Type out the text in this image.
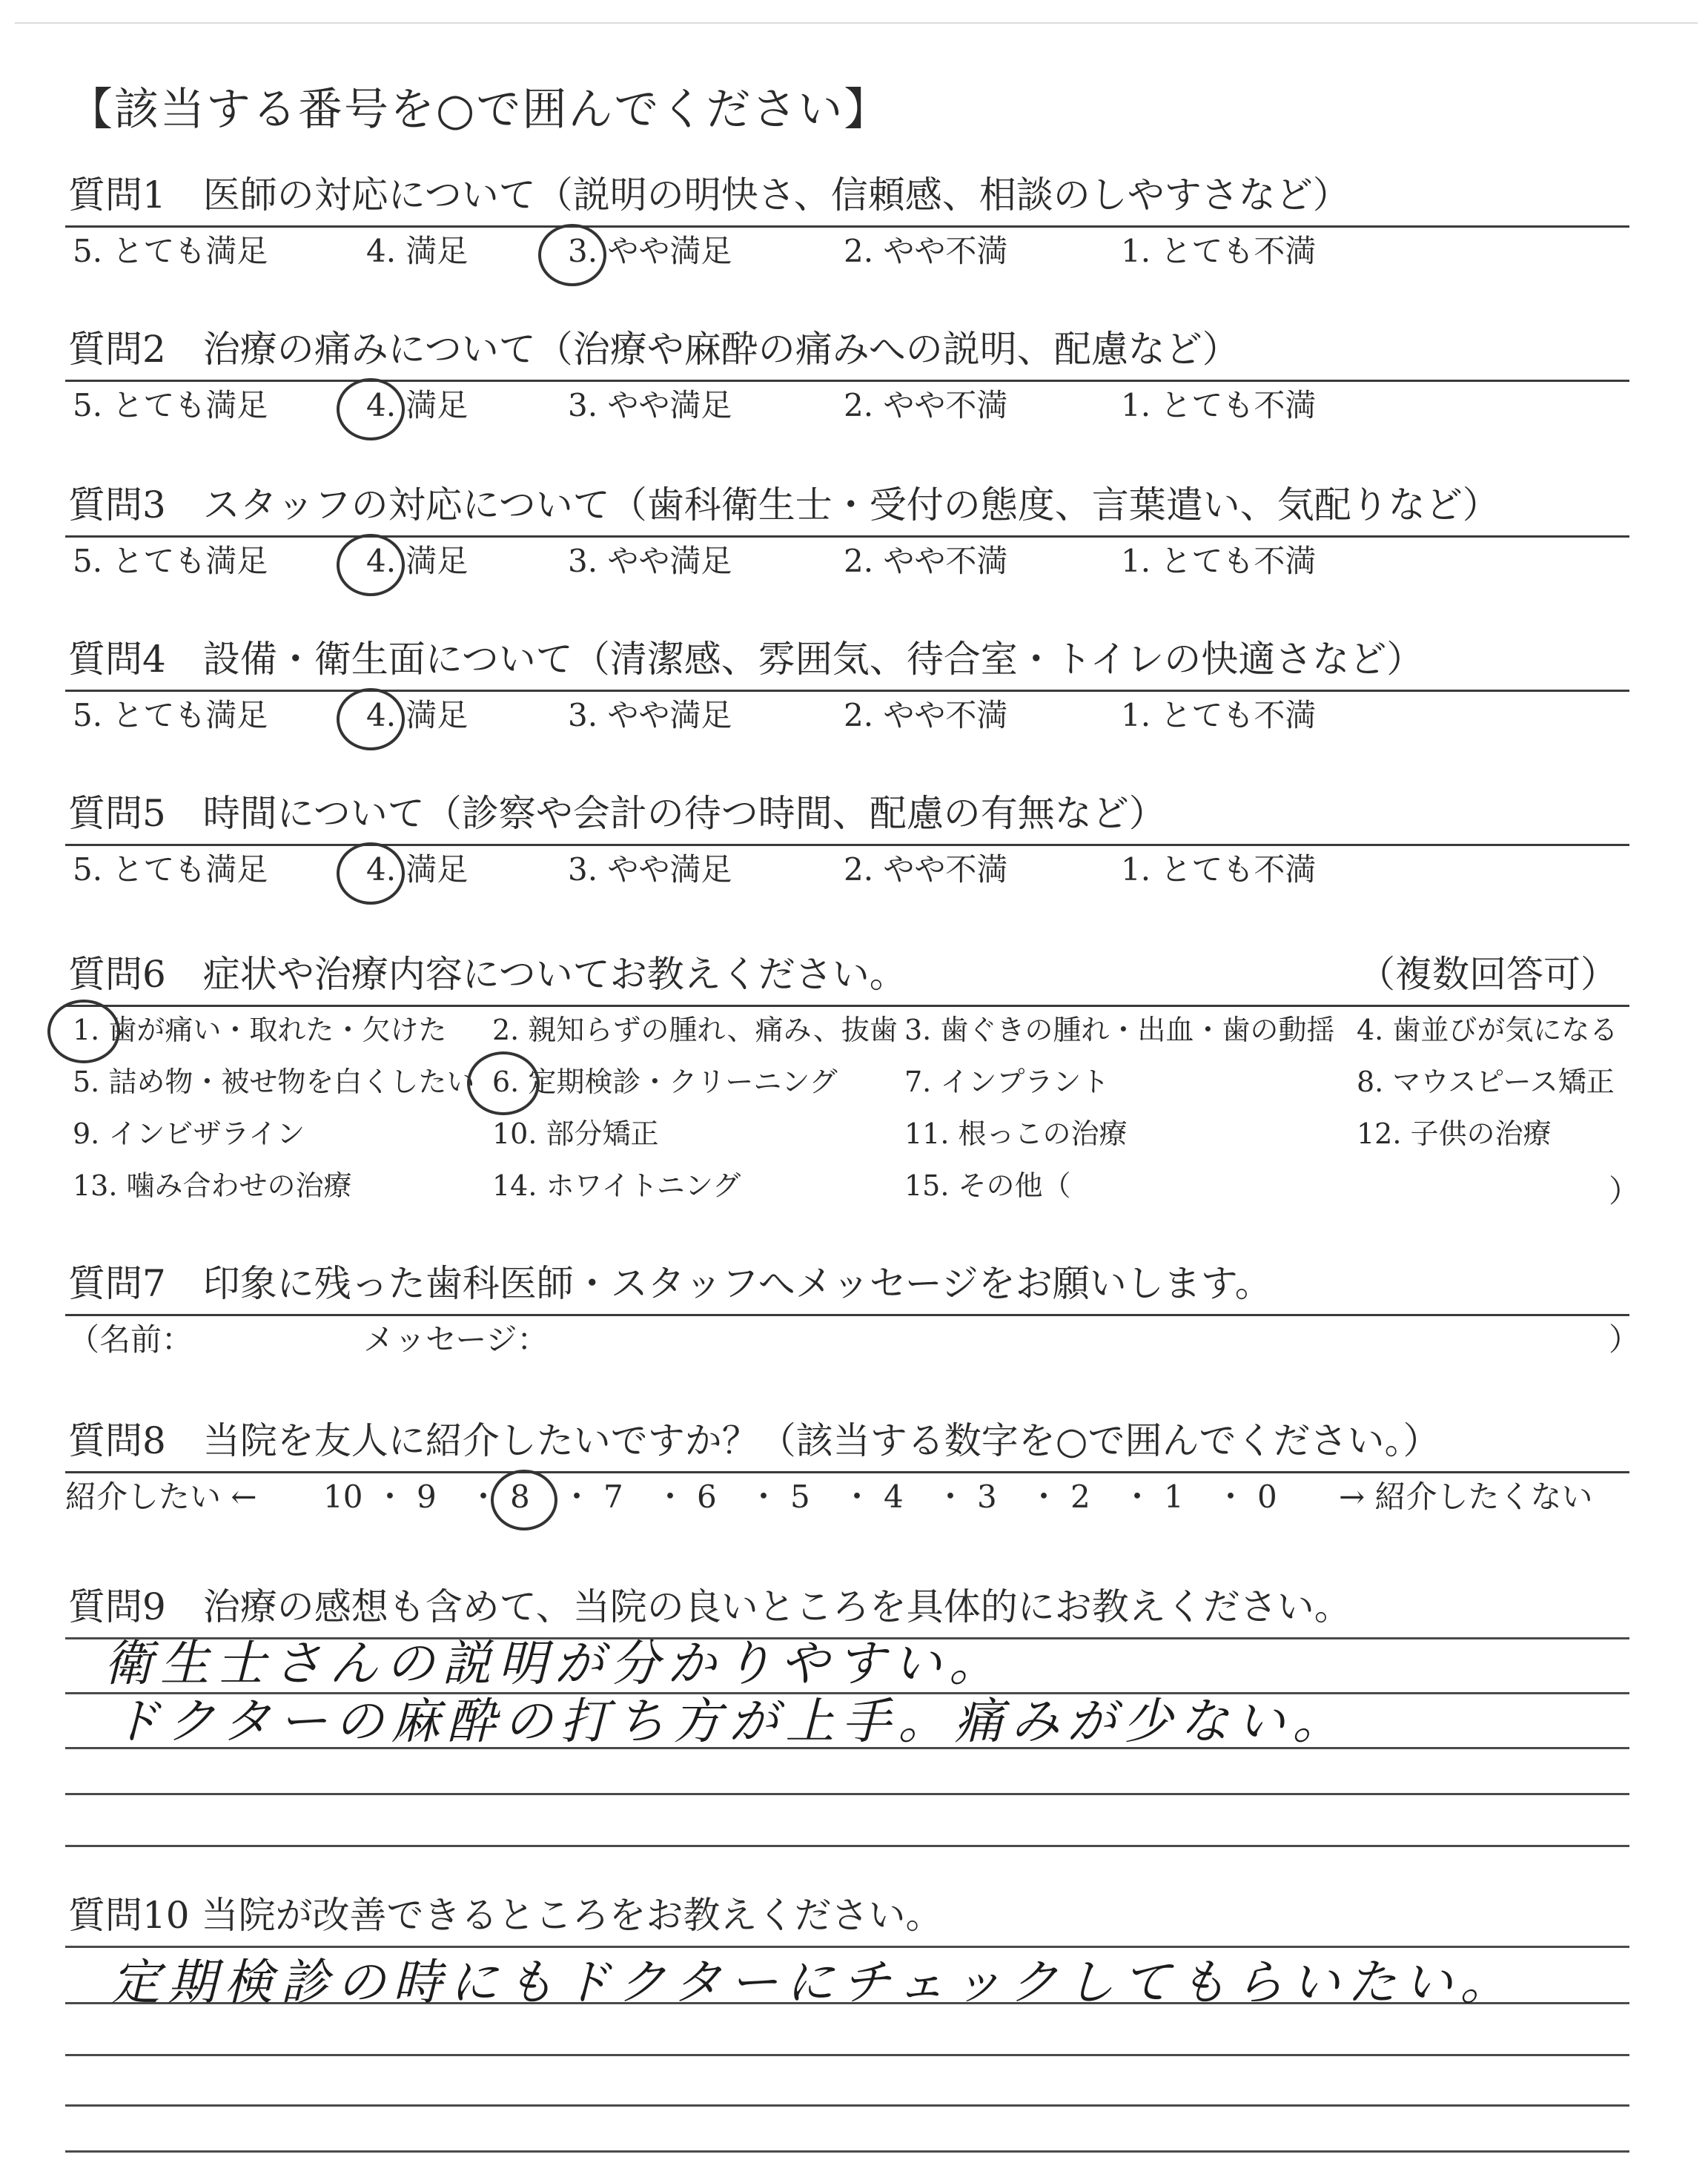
【該当する番号を○で囲んでください】
質問1　医師の対応について（説明の明快さ、信頼感、相談のしやすさなど）
5. とても満足	4. 満足	3. やや満足	2. やや不満	1. とても不満
質問2　治療の痛みについて（治療や麻酔の痛みへの説明、配慮など）
5. とても満足	4. 満足	3. やや満足	2. やや不満	1. とても不満
質問3　スタッフの対応について（歯科衛生士・受付の態度、言葉遣い、気配りなど）
5. とても満足	4. 満足	3. やや満足	2. やや不満	1. とても不満
質問4　設備・衛生面について（清潔感、雰囲気、待合室・トイレの快適さなど）
5. とても満足	4. 満足	3. やや満足	2. やや不満	1. とても不満
質問5　時間について（診察や会計の待つ時間、配慮の有無など）
5. とても満足	4. 満足	3. やや満足	2. やや不満	1. とても不満
質問6　症状や治療内容についてお教えください。	（複数回答可）
1. 歯が痛い・取れた・欠けた 2. 親知らずの腫れ、痛み、抜歯 3. 歯ぐきの腫れ・出血・歯の動揺 4. 歯並びが気になる
5. 詰め物・被せ物を白くしたい 6. 定期検診・クリーニング 7. インプラント	8. マウスピース矯正
9. インビザライン	10. 部分矯正	11. 根っこの治療	12. 子供の治療
13. 噛み合わせの治療	14. ホワイトニング	15. その他（	）
質問7　印象に残った歯科医師・スタッフへメッセージをお願いします。
（名前：	メッセージ：	）
質問8　当院を友人に紹介したいですか？（該当する数字を○で囲んでください。）
紹介したい ← 10 ・ 9 ・ 8 ・ 7 ・ 6 ・ 5 ・ 4 ・ 3 ・ 2 ・ 1 ・ 0 → 紹介したくない
質問9　治療の感想も含めて、当院の良いところを具体的にお教えください。
衛生士さんの説明が分かりやすい。
ドクターの麻酔の打ち方が上手。痛みが少ない。
質問10 当院が改善できるところをお教えください。
定期検診の時にもドクターにチェックしてもらいたい。
